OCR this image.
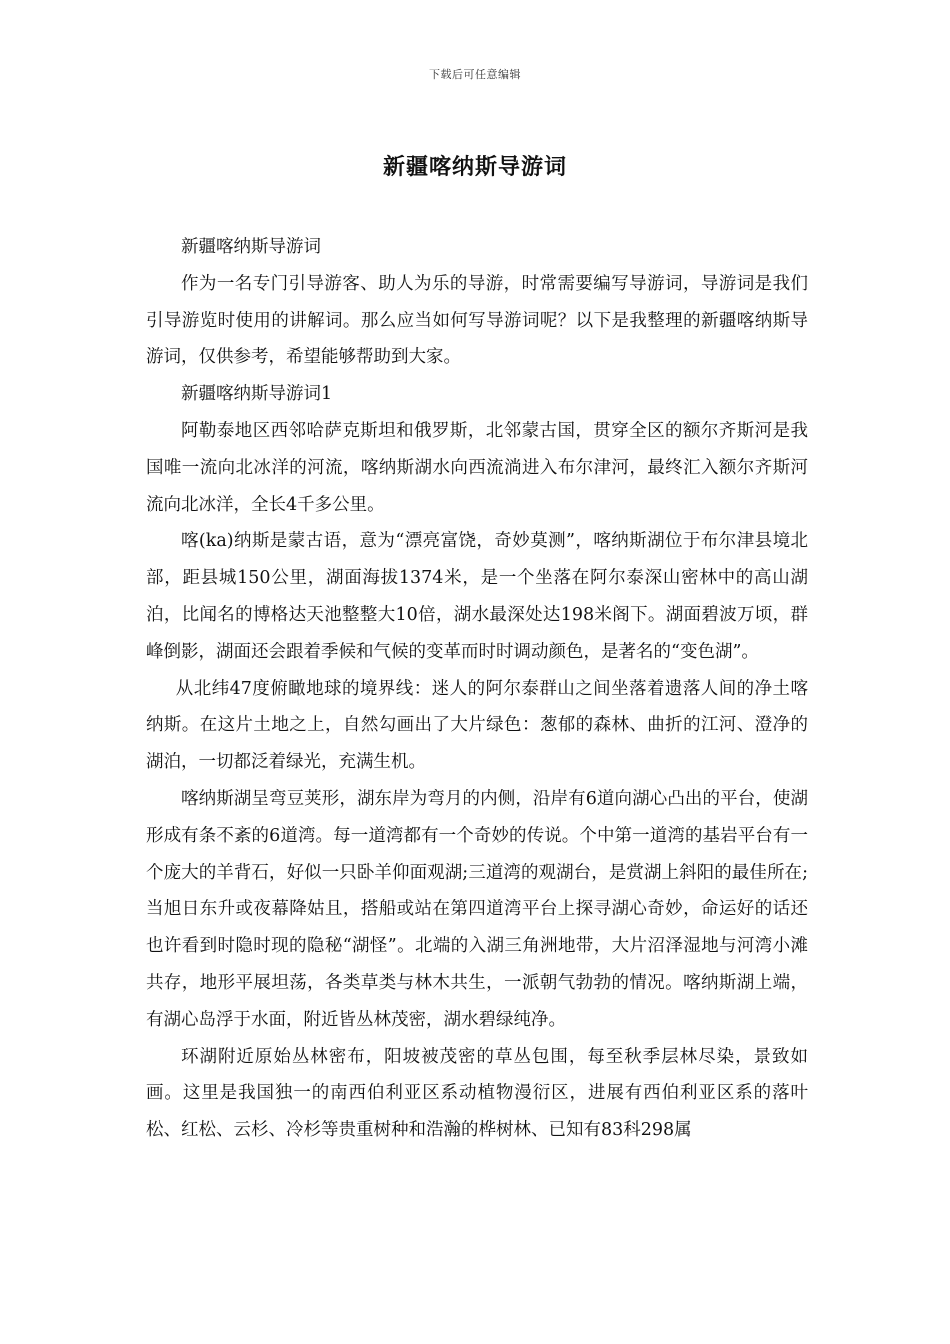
下载后可任意编辑
新疆喀纳斯导游词

新疆喀纳斯导游词

作为一名专门引导游客、助人为乐的导游，时常需要编写导游词，导游词是我们引导游览时使用的讲解词。那么应当如何写导游词呢？以下是我整理的新疆喀纳斯导游词，仅供参考，希望能够帮助到大家。

新疆喀纳斯导游词1

阿勒泰地区西邻哈萨克斯坦和俄罗斯，北邻蒙古国，贯穿全区的额尔齐斯河是我国唯一流向北冰洋的河流，喀纳斯湖水向西流淌进入布尔津河，最终汇入额尔齐斯河流向北冰洋，全长4千多公里。

喀(ka)纳斯是蒙古语，意为“漂亮富饶，奇妙莫测”，喀纳斯湖位于布尔津县境北部，距县城150公里，湖面海拔1374米，是一个坐落在阿尔泰深山密林中的高山湖泊，比闻名的博格达天池整整大10倍，湖水最深处达198米阁下。湖面碧波万顷，群峰倒影，湖面还会跟着季候和气候的变革而时时调动颜色，是著名的“变色湖”。

从北纬47度俯瞰地球的境界线：迷人的阿尔泰群山之间坐落着遗落人间的净土喀纳斯。在这片土地之上，自然勾画出了大片绿色：葱郁的森林、曲折的江河、澄净的湖泊，一切都泛着绿光，充满生机。

喀纳斯湖呈弯豆荚形，湖东岸为弯月的内侧，沿岸有6道向湖心凸出的平台，使湖形成有条不紊的6道湾。每一道湾都有一个奇妙的传说。个中第一道湾的基岩平台有一个庞大的羊背石，好似一只卧羊仰面观湖;三道湾的观湖台，是赏湖上斜阳的最佳所在;当旭日东升或夜幕降姑且，搭船或站在第四道湾平台上探寻湖心奇妙，命运好的话还也许看到时隐时现的隐秘“湖怪”。北端的入湖三角洲地带，大片沼泽湿地与河湾小滩共存，地形平展坦荡，各类草类与林木共生，一派朝气勃勃的情况。喀纳斯湖上端，有湖心岛浮于水面，附近皆丛林茂密，湖水碧绿纯净。

环湖附近原始丛林密布，阳坡被茂密的草丛包围，每至秋季层林尽染，景致如画。这里是我国独一的南西伯利亚区系动植物漫衍区，进展有西伯利亚区系的落叶松、红松、云杉、冷杉等贵重树种和浩瀚的桦树林、已知有83科298属
